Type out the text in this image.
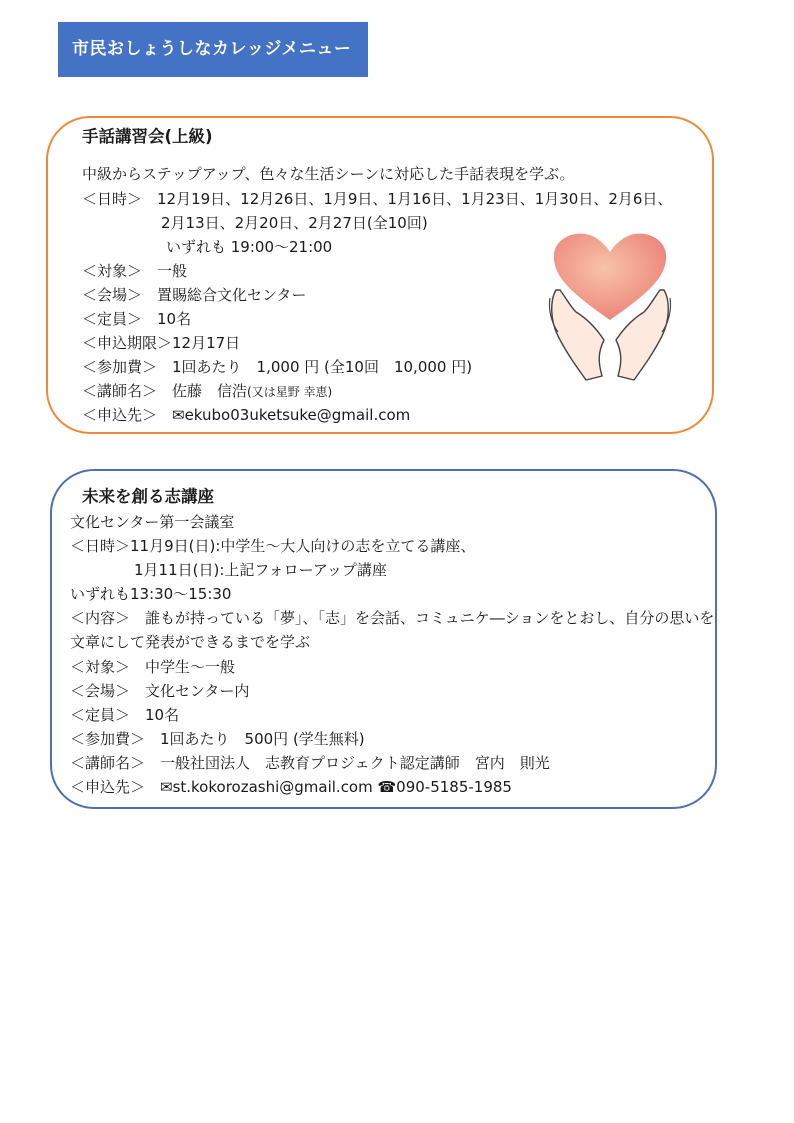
市民おしょうしなカレッジメニュー
手話講習会(上級)
中級からステップアップ、色々な生活シーンに対応した手話表現を学ぶ。
＜日時＞　12月19日、12月26日、1月9日、1月16日、1月23日、1月30日、2月6日、
2月13日、2月20日、2月27日(全10回)
いずれも 19:00～21:00
＜対象＞　一般
＜会場＞　置賜総合文化センター
＜定員＞　10名
＜申込期限＞12月17日
＜参加費＞　1回あたり　1,000 円 (全10回　10,000 円)
＜講師名＞　佐藤　信浩(又は星野 幸恵)
＜申込先＞　✉ekubo03uketsuke@gmail.com
未来を創る志講座
文化センター第一会議室
＜日時＞11月9日(日):中学生～大人向けの志を立てる講座、
1月11日(日):上記フォローアップ講座
いずれも13:30～15:30
＜内容＞　誰もが持っている「夢」、「志」を会話、コミュニケ―ションをとおし、自分の思いを
文章にして発表ができるまでを学ぶ
＜対象＞　中学生～一般
＜会場＞　文化センター内
＜定員＞　10名
＜参加費＞　1回あたり　500円 (学生無料)
＜講師名＞　一般社団法人　志教育プロジェクト認定講師　宮内　則光
＜申込先＞　✉st.kokorozashi@gmail.com ☎090-5185-1985
